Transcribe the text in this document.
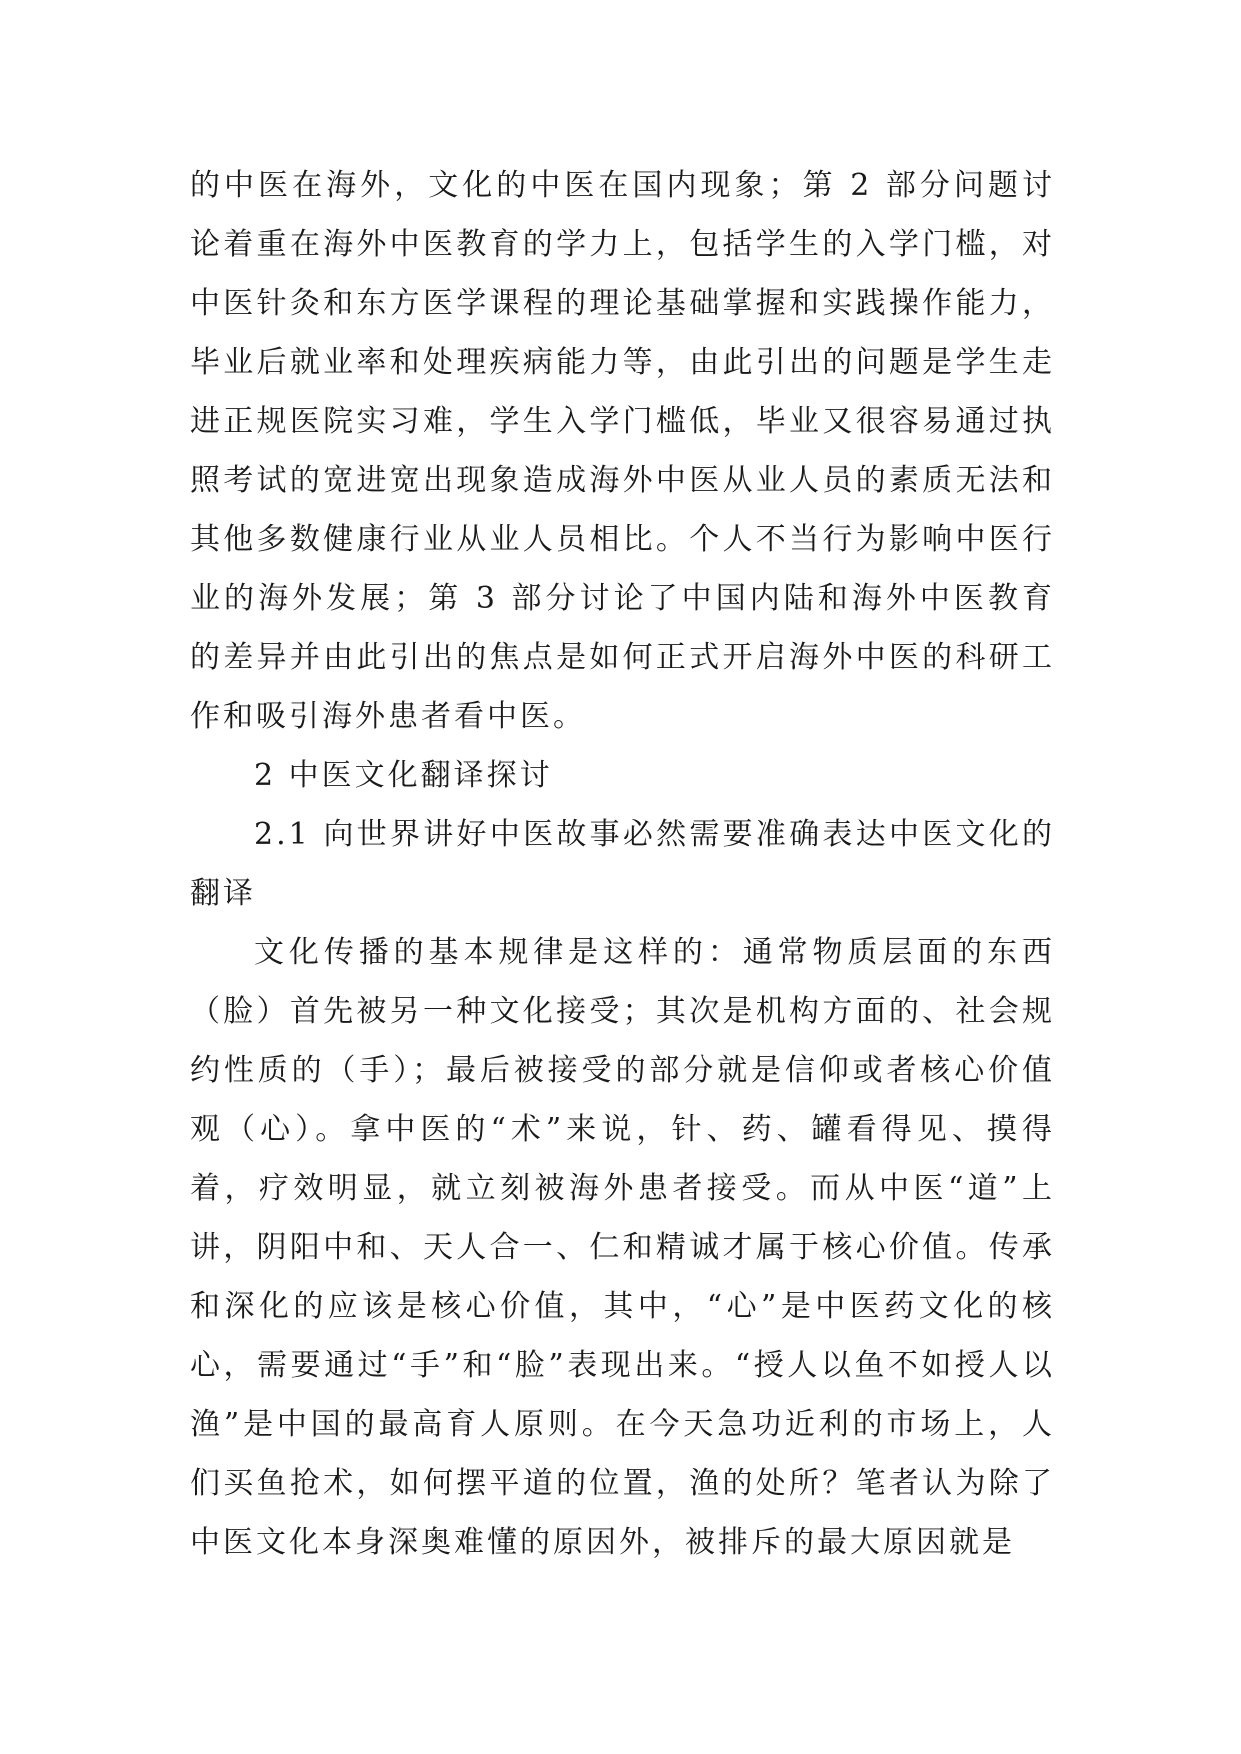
的中医在海外，文化的中医在国内现象；第 2 部分问题讨论着重在海外中医教育的学力上，包括学生的入学门槛，对中医针灸和东方医学课程的理论基础掌握和实践操作能力，毕业后就业率和处理疾病能力等，由此引出的问题是学生走进正规医院实习难，学生入学门槛低，毕业又很容易通过执照考试的宽进宽出现象造成海外中医从业人员的素质无法和其他多数健康行业从业人员相比。个人不当行为影响中医行业的海外发展；第 3 部分讨论了中国内陆和海外中医教育的差异并由此引出的焦点是如何正式开启海外中医的科研工作和吸引海外患者看中医。

2 中医文化翻译探讨

2.1 向世界讲好中医故事必然需要准确表达中医文化的翻译

文化传播的基本规律是这样的：通常物质层面的东西（脸）首先被另一种文化接受；其次是机构方面的、社会规约性质的（手）；最后被接受的部分就是信仰或者核心价值观（心）。拿中医的“术”来说，针、药、罐看得见、摸得着，疗效明显，就立刻被海外患者接受。而从中医“道”上讲，阴阳中和、天人合一、仁和精诚才属于核心价值。传承和深化的应该是核心价值，其中，“心”是中医药文化的核心，需要通过“手”和“脸”表现出来。“授人以鱼不如授人以渔”是中国的最高育人原则。在今天急功近利的市场上，人们买鱼抢术，如何摆平道的位置，渔的处所？笔者认为除了中医文化本身深奥难懂的原因外，被排斥的最大原因就是
